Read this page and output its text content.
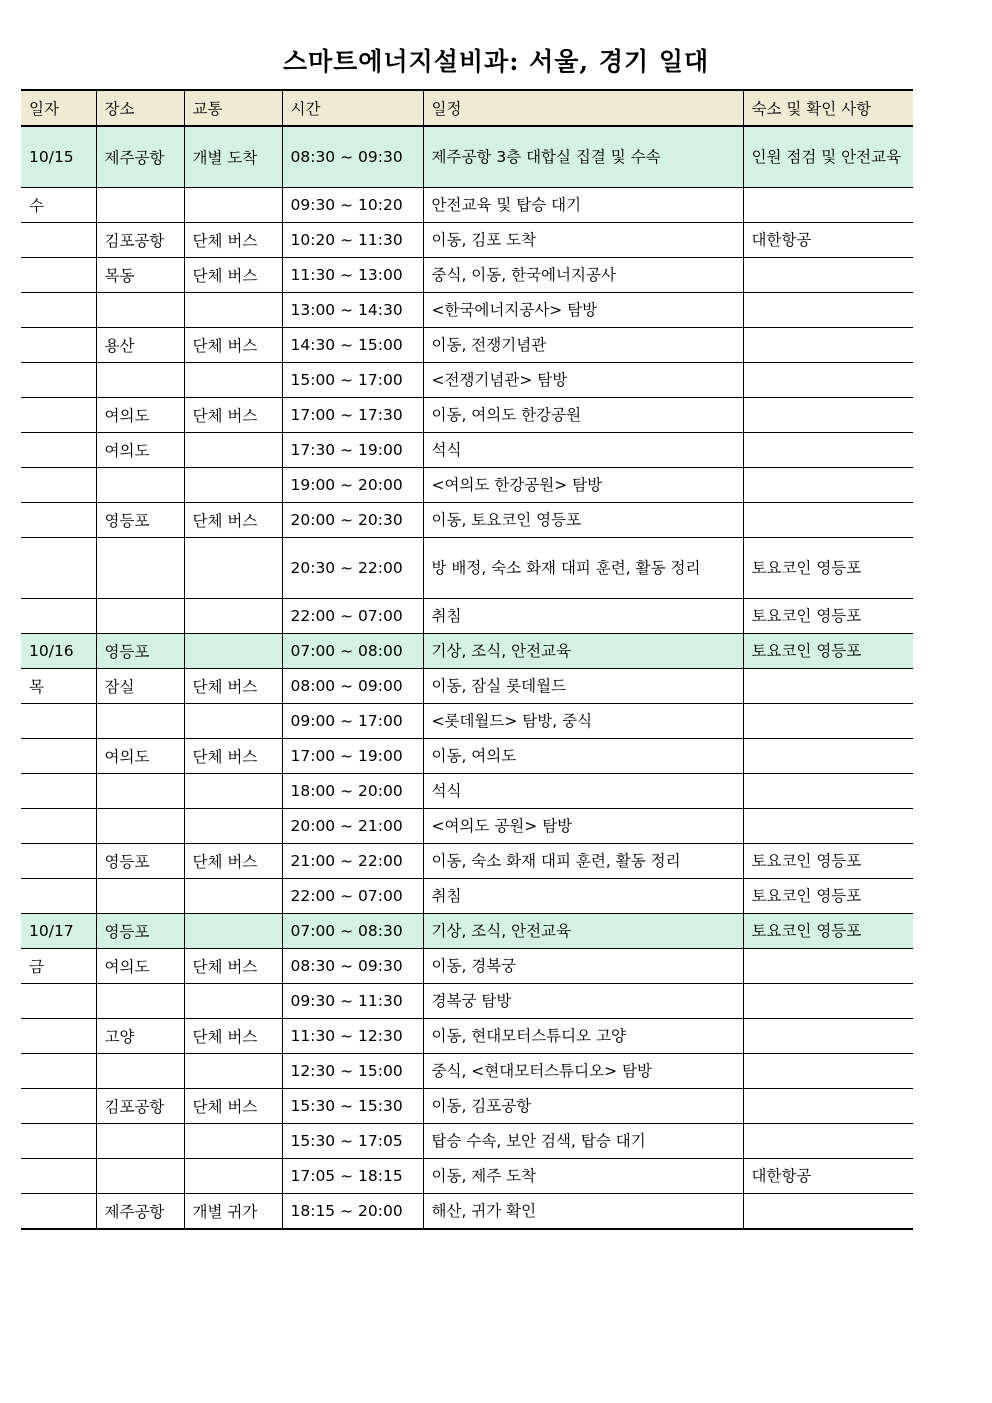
스마트에너지설비과: 서울, 경기 일대
일자	장소	교통	시간	일정	숙소 및 확인 사항
10/15	제주공항	개별 도착	08:30 ~ 09:30	제주공항 3층 대합실 집결 및 수속	인원 점검 및 안전교육
수			09:30 ~ 10:20	안전교육 및 탑승 대기	
	김포공항	단체 버스	10:20 ~ 11:30	이동, 김포 도착	대한항공
	목동	단체 버스	11:30 ~ 13:00	중식, 이동, 한국에너지공사	
			13:00 ~ 14:30	<한국에너지공사> 탐방	
	용산	단체 버스	14:30 ~ 15:00	이동, 전쟁기념관	
			15:00 ~ 17:00	<전쟁기념관> 탐방	
	여의도	단체 버스	17:00 ~ 17:30	이동, 여의도 한강공원	
	여의도		17:30 ~ 19:00	석식	
			19:00 ~ 20:00	<여의도 한강공원> 탐방	
	영등포	단체 버스	20:00 ~ 20:30	이동, 토요코인 영등포	
			20:30 ~ 22:00	방 배정, 숙소 화재 대피 훈련, 활동 정리	토요코인 영등포
			22:00 ~ 07:00	취침	토요코인 영등포
10/16	영등포		07:00 ~ 08:00	기상, 조식, 안전교육	토요코인 영등포
목	잠실	단체 버스	08:00 ~ 09:00	이동, 잠실 롯데월드	
			09:00 ~ 17:00	<롯데월드> 탐방, 중식	
	여의도	단체 버스	17:00 ~ 19:00	이동, 여의도	
			18:00 ~ 20:00	석식	
			20:00 ~ 21:00	<여의도 공원> 탐방	
	영등포	단체 버스	21:00 ~ 22:00	이동, 숙소 화재 대피 훈련, 활동 정리	토요코인 영등포
			22:00 ~ 07:00	취침	토요코인 영등포
10/17	영등포		07:00 ~ 08:30	기상, 조식, 안전교육	토요코인 영등포
금	여의도	단체 버스	08:30 ~ 09:30	이동, 경복궁	
			09:30 ~ 11:30	경복궁 탐방	
	고양	단체 버스	11:30 ~ 12:30	이동, 현대모터스튜디오 고양	
			12:30 ~ 15:00	중식, <현대모터스튜디오> 탐방	
	김포공항	단체 버스	15:30 ~ 15:30	이동, 김포공항	
			15:30 ~ 17:05	탑승 수속, 보안 검색, 탑승 대기	
			17:05 ~ 18:15	이동, 제주 도착	대한항공
	제주공항	개별 귀가	18:15 ~ 20:00	해산, 귀가 확인	
